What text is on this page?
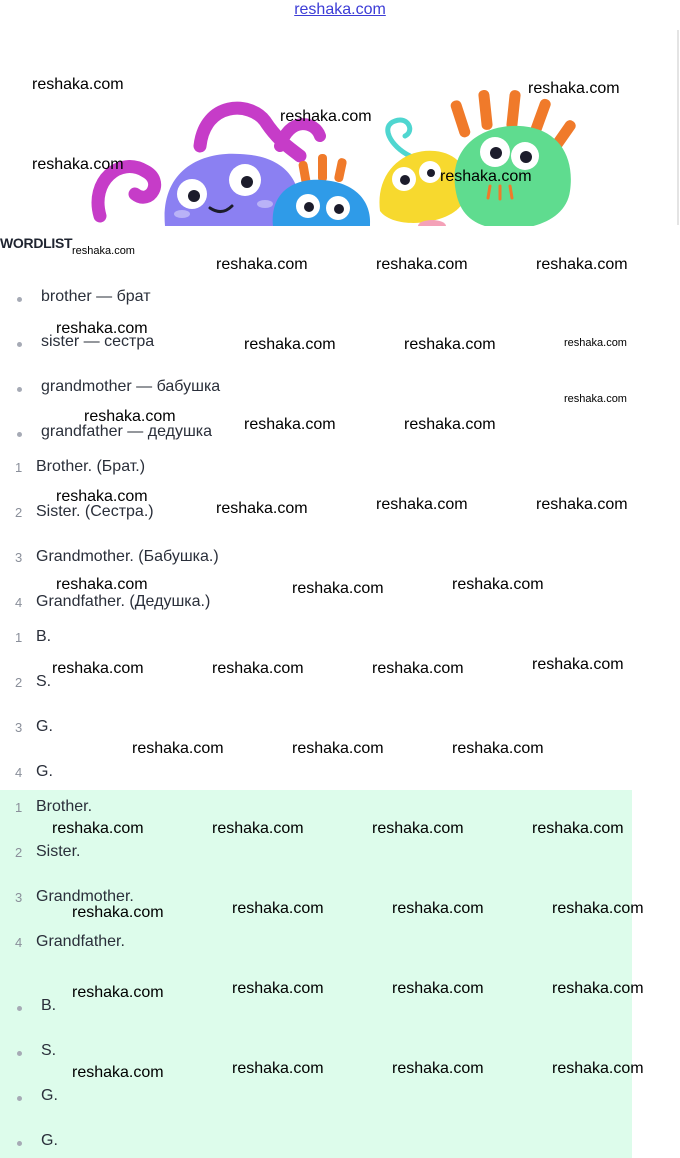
reshaka.com
WORDLIST
brother — брат
sister — сестра
grandmother — бабушка
grandfather — дедушка
1 Brother. (Брат.)
2 Sister. (Сестра.)
3 Grandmother. (Бабушка.)
4 Grandfather. (Дедушка.)
1 B.
2 S.
3 G.
4 G.
1 Brother.
2 Sister.
3 Grandmother.
4 Grandfather.
B.
S.
G.
G.
reshaka.com	reshaka.com
reshaka.com
reshaka.com
reshaka.com
reshaka.com
reshaka.com	reshaka.com	reshaka.com
reshaka.com
reshaka.com	reshaka.com	reshaka.com
reshaka.com
reshaka.com	reshaka.com	reshaka.com
reshaka.com	reshaka.com	reshaka.com
reshaka.com
reshaka.com	reshaka.com
reshaka.com
reshaka.com
reshaka.com	reshaka.com	reshaka.com
reshaka.com	reshaka.com	reshaka.com
reshaka.com	reshaka.com	reshaka.com	reshaka.com
reshaka.com	reshaka.com	reshaka.com
reshaka.com
reshaka.com	reshaka.com	reshaka.com
reshaka.com
reshaka.com	reshaka.com	reshaka.com
reshaka.com
